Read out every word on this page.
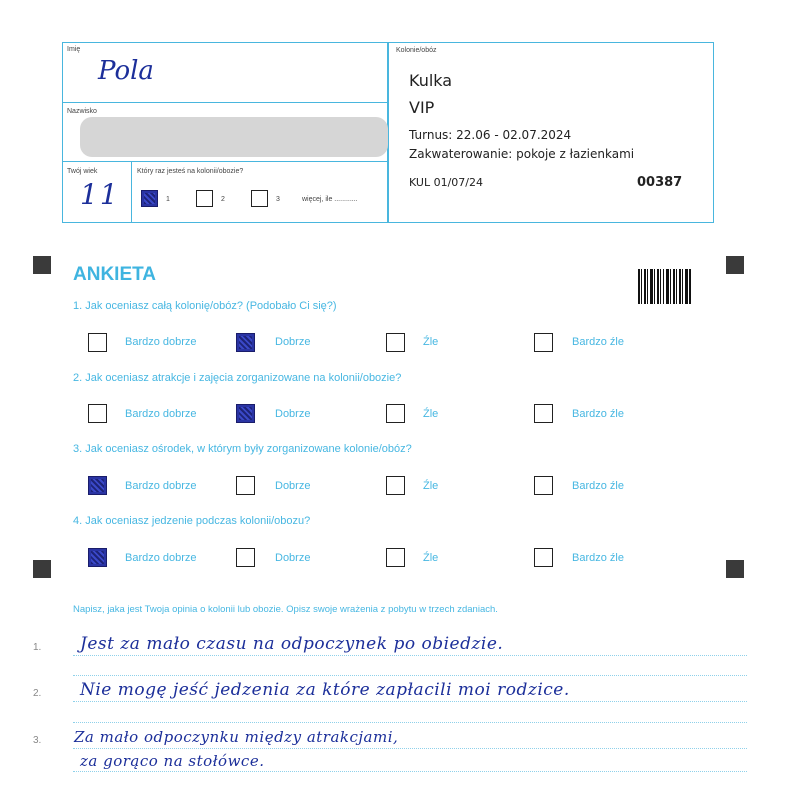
Imię
Pola
Nazwisko
Twój wiek
11
Który raz jesteś na kolonii/obozie?
1	2	3	więcej, ile ............
Kolonie/obóz
Kulka
VIP
Turnus: 22.06 - 02.07.2024
Zakwaterowanie: pokoje z łazienkami
KUL 01/07/24	00387
ANKIETA
1. Jak oceniasz całą kolonię/obóz? (Podobało Ci się?)
Bardzo dobrze	Dobrze	Źle	Bardzo źle
2. Jak oceniasz atrakcje i zajęcia zorganizowane na kolonii/obozie?
Bardzo dobrze	Dobrze	Źle	Bardzo źle
3. Jak oceniasz ośrodek, w którym były zorganizowane kolonie/obóz?
Bardzo dobrze	Dobrze	Źle	Bardzo źle
4. Jak oceniasz jedzenie podczas kolonii/obozu?
Bardzo dobrze	Dobrze	Źle	Bardzo źle
Napisz, jaka jest Twoja opinia o kolonii lub obozie. Opisz swoje wrażenia z pobytu w trzech zdaniach.
1.
2.
3.
Jest za mało czasu na odpoczynek po obiedzie.
Nie mogę jeść jedzenia za które zapłacili moi rodzice.
Za mało odpoczynku między atrakcjami,
za gorąco na stołówce.
